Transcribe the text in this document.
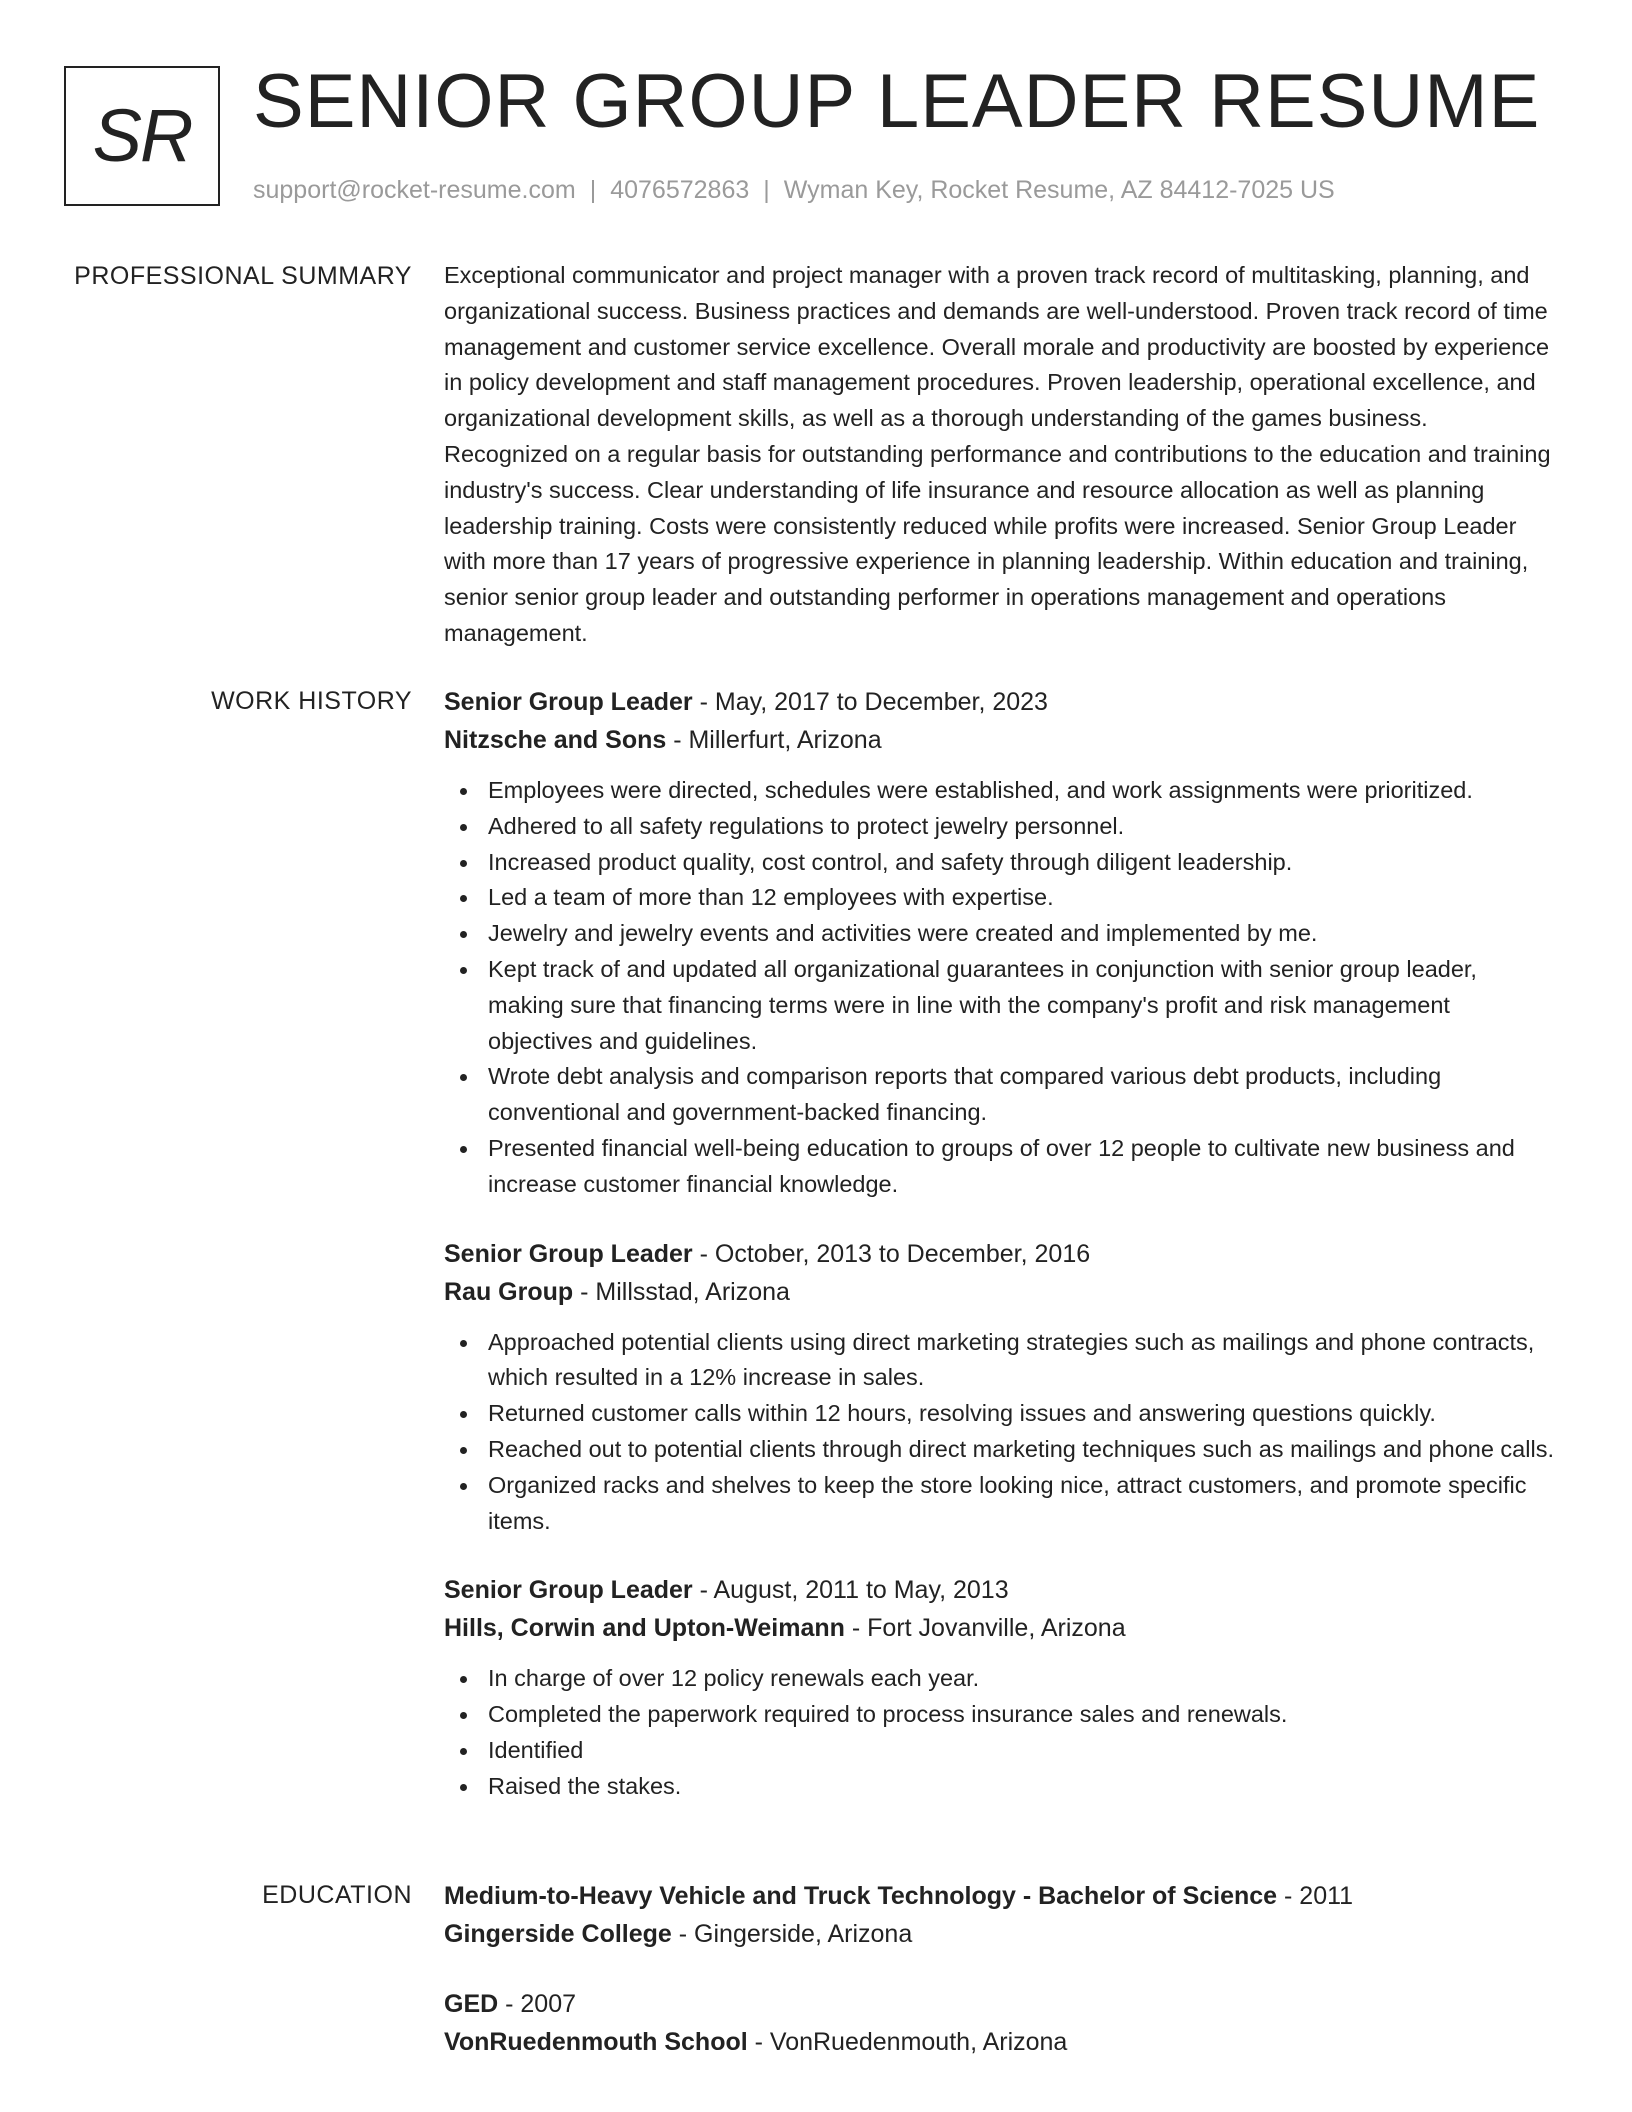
SR SENIOR GROUP LEADER RESUME
support@rocket-resume.com | 4076572863 | Wyman Key, Rocket Resume, AZ 84412-7025 US
PROFESSIONAL SUMMARY Exceptional communicator and project manager with a proven track record of multitasking, planning, and organizational success. Business practices and demands are well-understood. Proven track record of time management and customer service excellence. Overall morale and productivity are boosted by experience in policy development and staff management procedures. Proven leadership, operational excellence, and organizational development skills, as well as a thorough understanding of the games business. Recognized on a regular basis for outstanding performance and contributions to the education and training industry's success. Clear understanding of life insurance and resource allocation as well as planning leadership training. Costs were consistently reduced while profits were increased. Senior Group Leader with more than 17 years of progressive experience in planning leadership. Within education and training, senior senior group leader and outstanding performer in operations management and operations management.

WORK HISTORY Senior Group Leader - May, 2017 to December, 2023

Nitzsche and Sons - Millerfurt, Arizona

Employees were directed, schedules were established, and work assignments were prioritized.
Adhered to all safety regulations to protect jewelry personnel.
Increased product quality, cost control, and safety through diligent leadership.
Led a team of more than 12 employees with expertise.
Jewelry and jewelry events and activities were created and implemented by me.
Kept track of and updated all organizational guarantees in conjunction with senior group leader, making sure that financing terms were in line with the company's profit and risk management objectives and guidelines.
Wrote debt analysis and comparison reports that compared various debt products, including conventional and government-backed financing.
Presented financial well-being education to groups of over 12 people to cultivate new business and increase customer financial knowledge.

Senior Group Leader - October, 2013 to December, 2016

Rau Group - Millsstad, Arizona

Approached potential clients using direct marketing strategies such as mailings and phone contracts, which resulted in a 12% increase in sales.
Returned customer calls within 12 hours, resolving issues and answering questions quickly.
Reached out to potential clients through direct marketing techniques such as mailings and phone calls.
Organized racks and shelves to keep the store looking nice, attract customers, and promote specific items.

Senior Group Leader - August, 2011 to May, 2013

Hills, Corwin and Upton-Weimann - Fort Jovanville, Arizona

In charge of over 12 policy renewals each year.
Completed the paperwork required to process insurance sales and renewals.
Identified
Raised the stakes.
EDUCATION Medium-to-Heavy Vehicle and Truck Technology - Bachelor of Science - 2011

Gingerside College - Gingerside, Arizona

GED - 2007

VonRuedenmouth School - VonRuedenmouth, Arizona
